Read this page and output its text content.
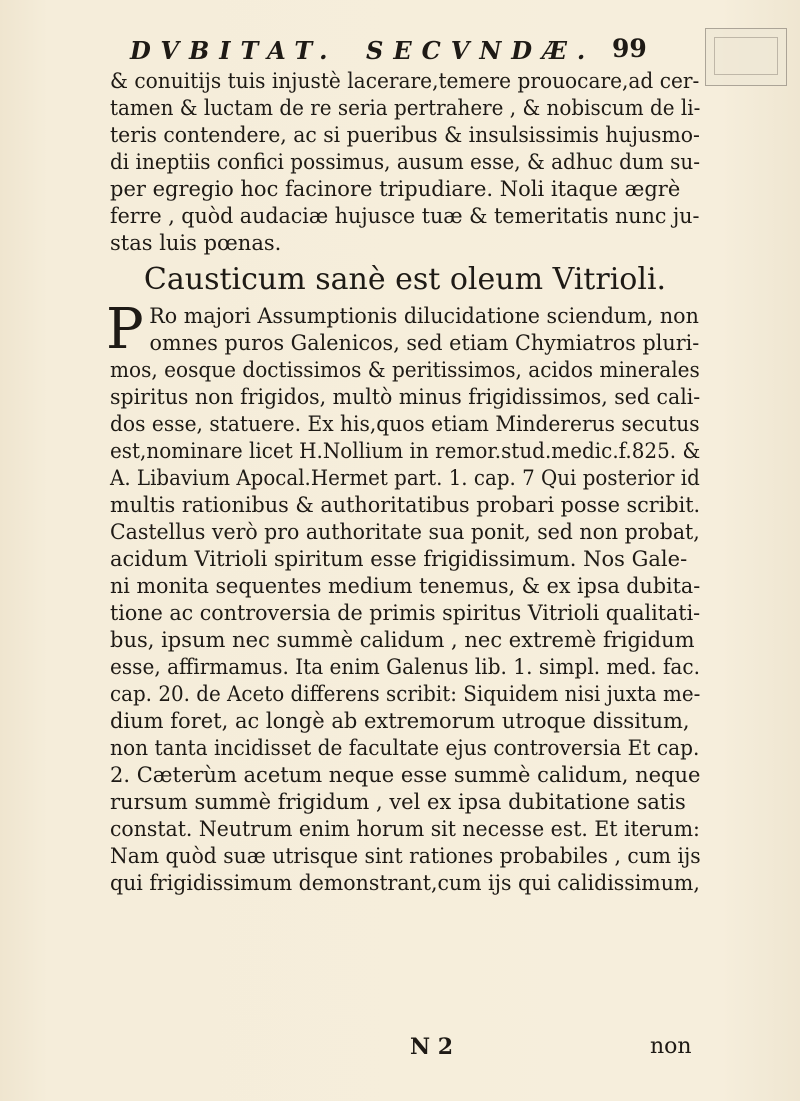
DVBITAT. SECVNDÆ. 99
& conuitijs tuis injustè lacerare,temere prouocare,ad cer-
tamen & luctam de re seria pertrahere , & nobiscum de li-
teris contendere, ac si pueribus & insulsissimis hujusmo-
di ineptiis confici possimus, ausum esse, & adhuc dum su-
per egregio hoc facinore tripudiare. Noli itaque ægrè
ferre , quòd audaciæ hujusce tuæ & temeritatis nunc ju-
stas luis pœnas.
Causticum sanè est oleum Vitrioli.
P Ro majori Assumptionis dilucidatione sciendum, non
omnes puros Galenicos, sed etiam Chymiatros pluri-
mos, eosque doctissimos & peritissimos, acidos minerales
spiritus non frigidos, multò minus frigidissimos, sed cali-
dos esse, statuere. Ex his,quos etiam Mindererus secutus
est,nominare licet H.Nollium in remor.stud.medic.f.825. &
A. Libavium Apocal.Hermet part. 1. cap. 7 Qui posterior id
multis rationibus & authoritatibus probari posse scribit.
Castellus verò pro authoritate sua ponit, sed non probat,
acidum Vitrioli spiritum esse frigidissimum. Nos Gale-
ni monita sequentes medium tenemus, & ex ipsa dubita-
tione ac controversia de primis spiritus Vitrioli qualitati-
bus, ipsum nec summè calidum , nec extremè frigidum
esse, affirmamus. Ita enim Galenus lib. 1. simpl. med. fac.
cap. 20. de Aceto differens scribit: Siquidem nisi juxta me-
dium foret, ac longè ab extremorum utroque dissitum,
non tanta incidisset de facultate ejus controversia Et cap.
2. Cæterùm acetum neque esse summè calidum, neque
rursum summè frigidum , vel ex ipsa dubitatione satis
constat. Neutrum enim horum sit necesse est. Et iterum:
Nam quòd suæ utrisque sint rationes probabiles , cum ijs
qui frigidissimum demonstrant,cum ijs qui calidissimum,
N 2	non
